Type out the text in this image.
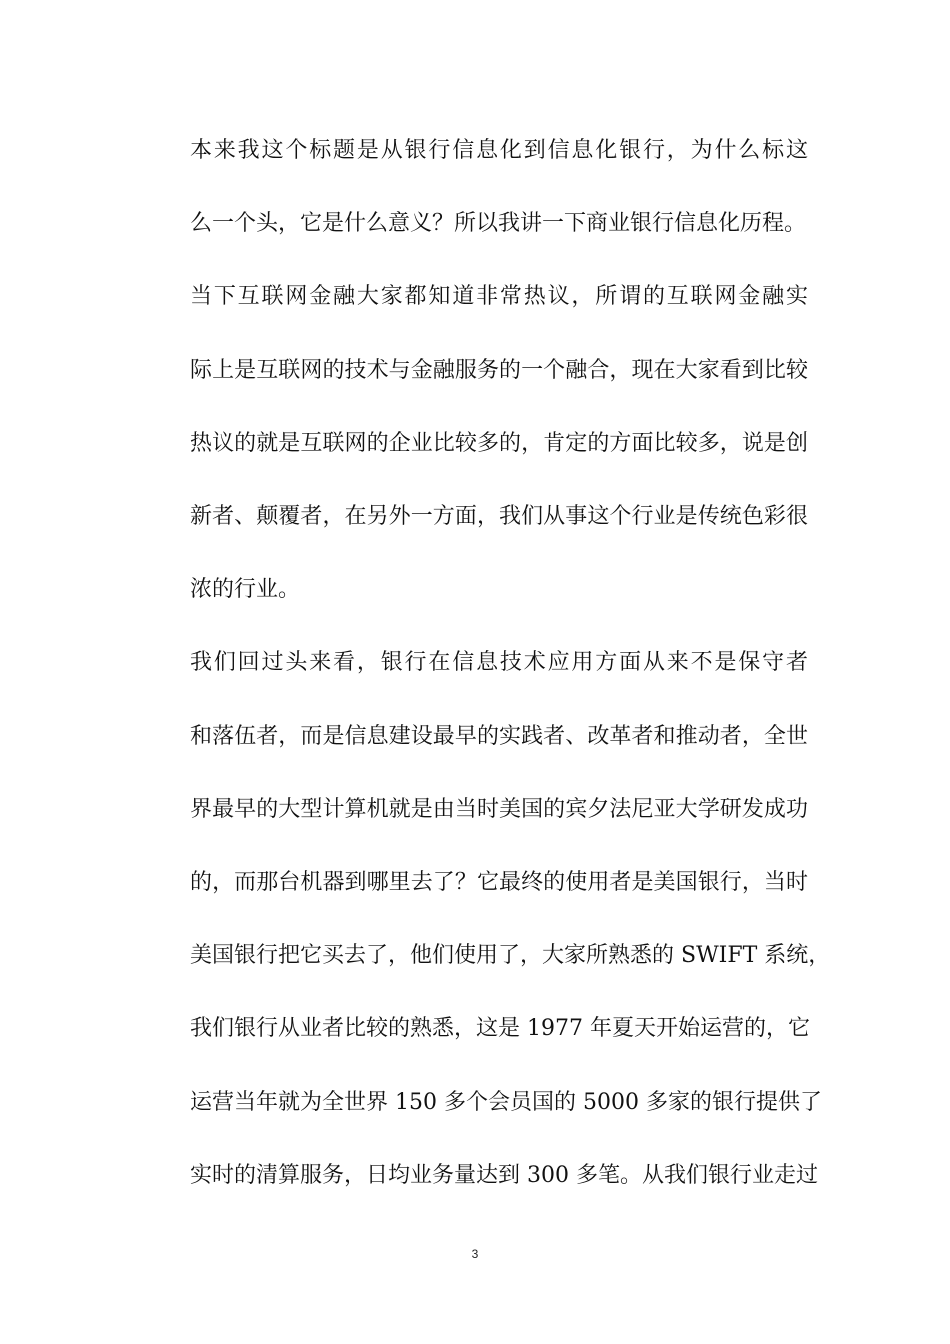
本来我这个标题是从银行信息化到信息化银行，为什么标这
么一个头，它是什么意义？所以我讲一下商业银行信息化历程。

当下互联网金融大家都知道非常热议，所谓的互联网金融实
际上是互联网的技术与金融服务的一个融合，现在大家看到比较
热议的就是互联网的企业比较多的，肯定的方面比较多，说是创
新者、颠覆者，在另外一方面，我们从事这个行业是传统色彩很
浓的行业。

我们回过头来看，银行在信息技术应用方面从来不是保守者
和落伍者，而是信息建设最早的实践者、改革者和推动者，全世
界最早的大型计算机就是由当时美国的宾夕法尼亚大学研发成功
的，而那台机器到哪里去了？它最终的使用者是美国银行，当时
美国银行把它买去了，他们使用了，大家所熟悉的 SWIFT 系统，
我们银行从业者比较的熟悉，这是 1977 年夏天开始运营的，它
运营当年就为全世界 150 多个会员国的 5000 多家的银行提供了
实时的清算服务，日均业务量达到 300 多笔。从我们银行业走过

3
